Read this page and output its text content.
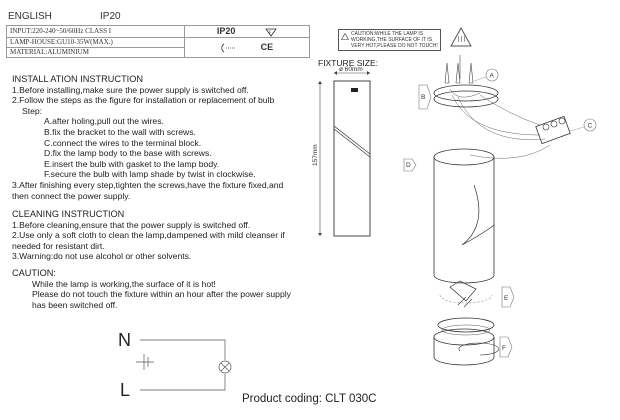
ENGLISH	IP20
INPUT:220-240~50/60Hz CLASS I	IP20 F

LAMP-HOUSE:GU10-35W(MAX.)	CE
MATERIAL:ALUMINIUM	
INSTALL ATION INSTRUCTION
1.Before installing,make sure the power supply is switched off.
2.Follow the steps as the figure for installation or replacement of bulb
Step:
A.after holing,pull out the wires.
B.fix the bracket to the wall with screws.
C.connect the wires to the terminal block.
D.fix the lamp body to the base with screws.
E.insert the bulb with gasket to the lamp body.
F.secure the bulb with lamp shade by twist in clockwise.
3.After finishing every step,tighten the screws,have the fixture fixed,and
then connect the power supply.
CLEANING INSTRUCTION
1.Before cleaning,ensure that the power supply is switched off.
2.Use only a soft cloth to clean the lamp,dampened with mild cleanser if
needed for resistant dirt.
3.Warning:do not use alcohol or other solvents.
CAUTION:
While the lamp is working,the surface of it is hot!
Please do not touch the fixture within an hour after the power supply
has been switched off.
CAUTION:WHILE THE LAMP IS
WORKING,THE SURFACE OF IT IS
VERY HOT,PLEASE DO NOT TOUCH!
FIXTURE SIZE:
ø 60mm
157mm
A
B
C
D
E
F
N
L	Product coding: CLT 030C
